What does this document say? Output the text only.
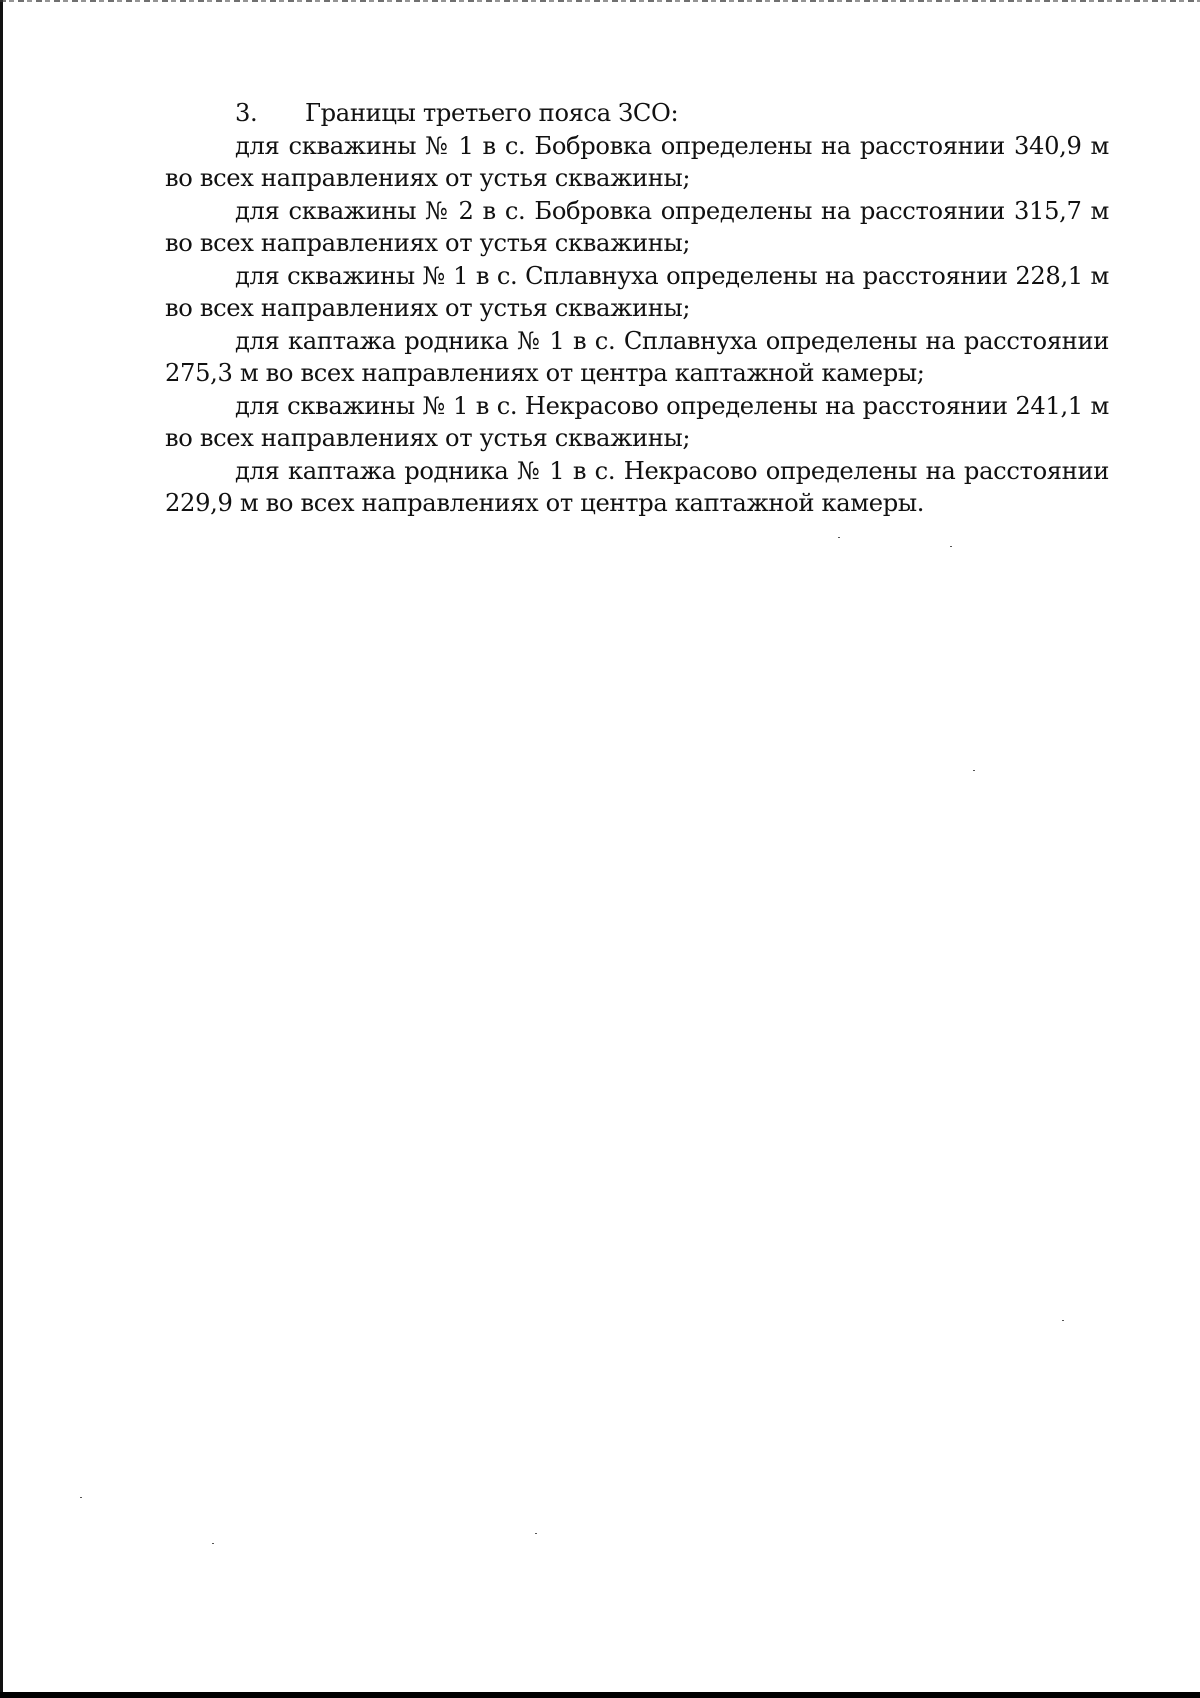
3. Границы третьего пояса ЗСО:

для скважины № 1 в с. Бобровка определены на расстоянии 340,9 м во всех направлениях от устья скважины;

для скважины № 2 в с. Бобровка определены на расстоянии 315,7 м во всех направлениях от устья скважины;

для скважины № 1 в с. Сплавнуха определены на расстоянии 228,1 м во всех направлениях от устья скважины;

для каптажа родника № 1 в с. Сплавнуха определены на расстоянии 275,3 м во всех направлениях от центра каптажной камеры;

для скважины № 1 в с. Некрасово определены на расстоянии 241,1 м во всех направлениях от устья скважины;

для каптажа родника № 1 в с. Некрасово определены на расстоянии 229,9 м во всех направлениях от центра каптажной камеры.
